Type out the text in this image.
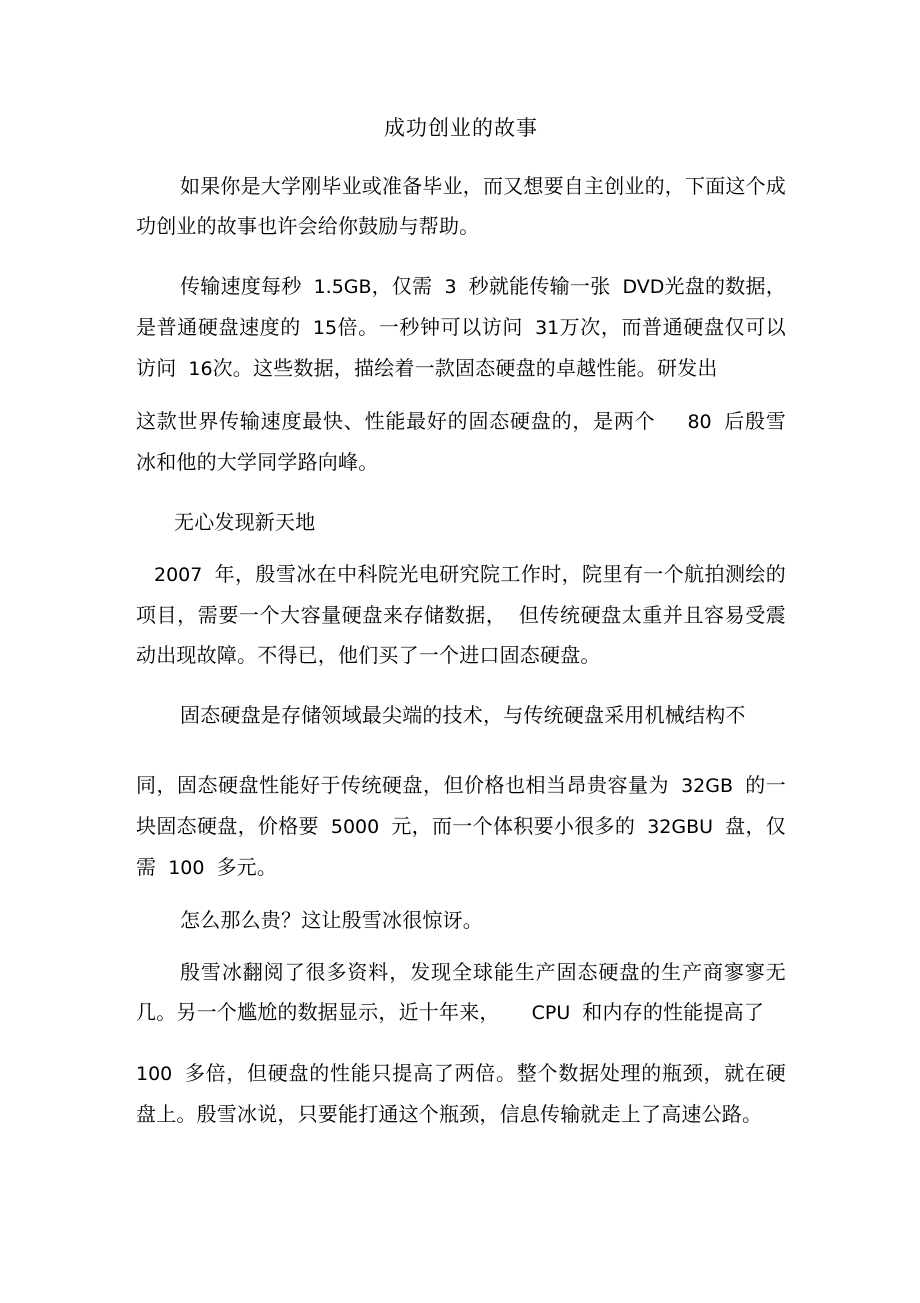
成功创业的故事

如果你是大学刚毕业或准备毕业，而又想要自主创业的，下面这个成功创业的故事也许会给你鼓励与帮助。

传输速度每秒 1.5GB，仅需 3 秒就能传输一张 DVD光盘的数据，是普通硬盘速度的 15倍。一秒钟可以访问 31万次，而普通硬盘仅可以访问 16次。这些数据，描绘着一款固态硬盘的卓越性能。研发出

这款世界传输速度最快、性能最好的固态硬盘的，是两个 80 后殷雪冰和他的大学同学路向峰。

无心发现新天地

2007 年，殷雪冰在中科院光电研究院工作时，院里有一个航拍测绘的项目，需要一个大容量硬盘来存储数据， 但传统硬盘太重并且容易受震动出现故障。不得已，他们买了一个进口固态硬盘。

固态硬盘是存储领域最尖端的技术，与传统硬盘采用机械结构不

同，固态硬盘性能好于传统硬盘，但价格也相当昂贵容量为 32GB 的一块固态硬盘，价格要 5000 元，而一个体积要小很多的 32GBU 盘，仅需 100 多元。

怎么那么贵？这让殷雪冰很惊讶。

殷雪冰翻阅了很多资料，发现全球能生产固态硬盘的生产商寥寥无几。另一个尴尬的数据显示，近十年来， CPU 和内存的性能提高了

100 多倍，但硬盘的性能只提高了两倍。整个数据处理的瓶颈，就在硬盘上。殷雪冰说，只要能打通这个瓶颈，信息传输就走上了高速公路。
